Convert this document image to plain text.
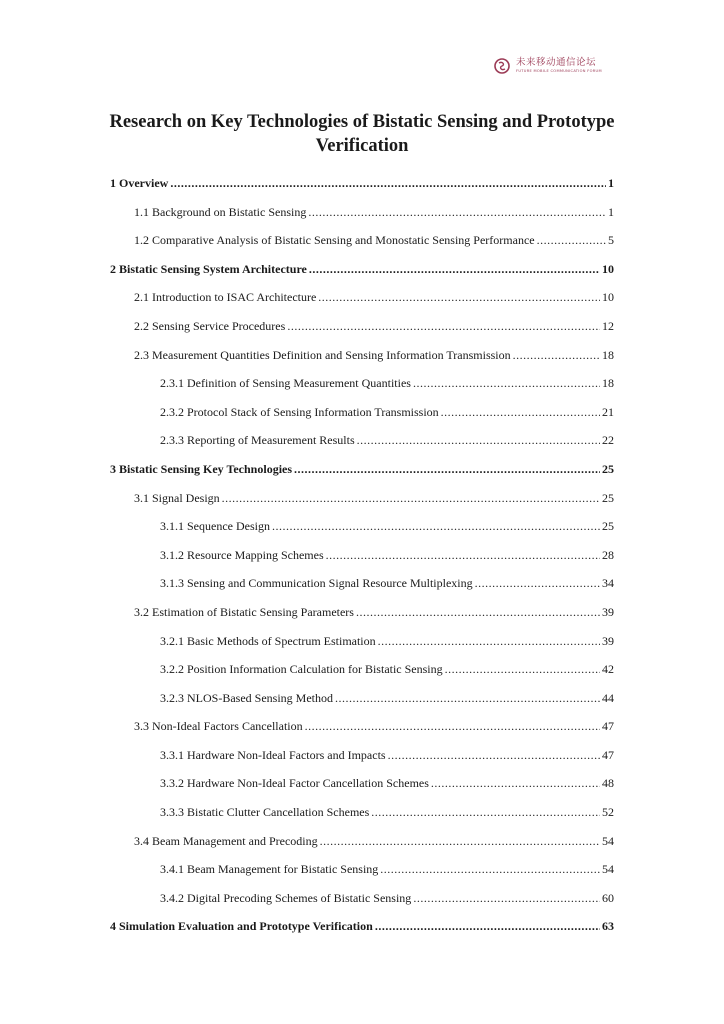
未来移动通信论坛
FUTURE MOBILE COMMUNICATION FORUM
Research on Key Technologies of Bistatic Sensing and Prototype
Verification
1 Overview .....	1
1.1 Background on Bistatic Sensing .....	1
1.2 Comparative Analysis of Bistatic Sensing and Monostatic Sensing Performance .....	5
2 Bistatic Sensing System Architecture .....	10
2.1 Introduction to ISAC Architecture .....	10
2.2 Sensing Service Procedures .....	12
2.3 Measurement Quantities Definition and Sensing Information Transmission .....	18
2.3.1 Definition of Sensing Measurement Quantities .....	18
2.3.2 Protocol Stack of Sensing Information Transmission .....	21
2.3.3 Reporting of Measurement Results .....	22
3 Bistatic Sensing Key Technologies .....	25
3.1 Signal Design .....	25
3.1.1 Sequence Design .....	25
3.1.2 Resource Mapping Schemes .....	28
3.1.3 Sensing and Communication Signal Resource Multiplexing .....	34
3.2 Estimation of Bistatic Sensing Parameters .....	39
3.2.1 Basic Methods of Spectrum Estimation .....	39
3.2.2 Position Information Calculation for Bistatic Sensing .....	42
3.2.3 NLOS-Based Sensing Method .....	44
3.3 Non-Ideal Factors Cancellation .....	47
3.3.1 Hardware Non-Ideal Factors and Impacts .....	47
3.3.2 Hardware Non-Ideal Factor Cancellation Schemes .....	48
3.3.3 Bistatic Clutter Cancellation Schemes .....	52
3.4 Beam Management and Precoding .....	54
3.4.1 Beam Management for Bistatic Sensing .....	54
3.4.2 Digital Precoding Schemes of Bistatic Sensing .....	60
4 Simulation Evaluation and Prototype Verification .....	63
